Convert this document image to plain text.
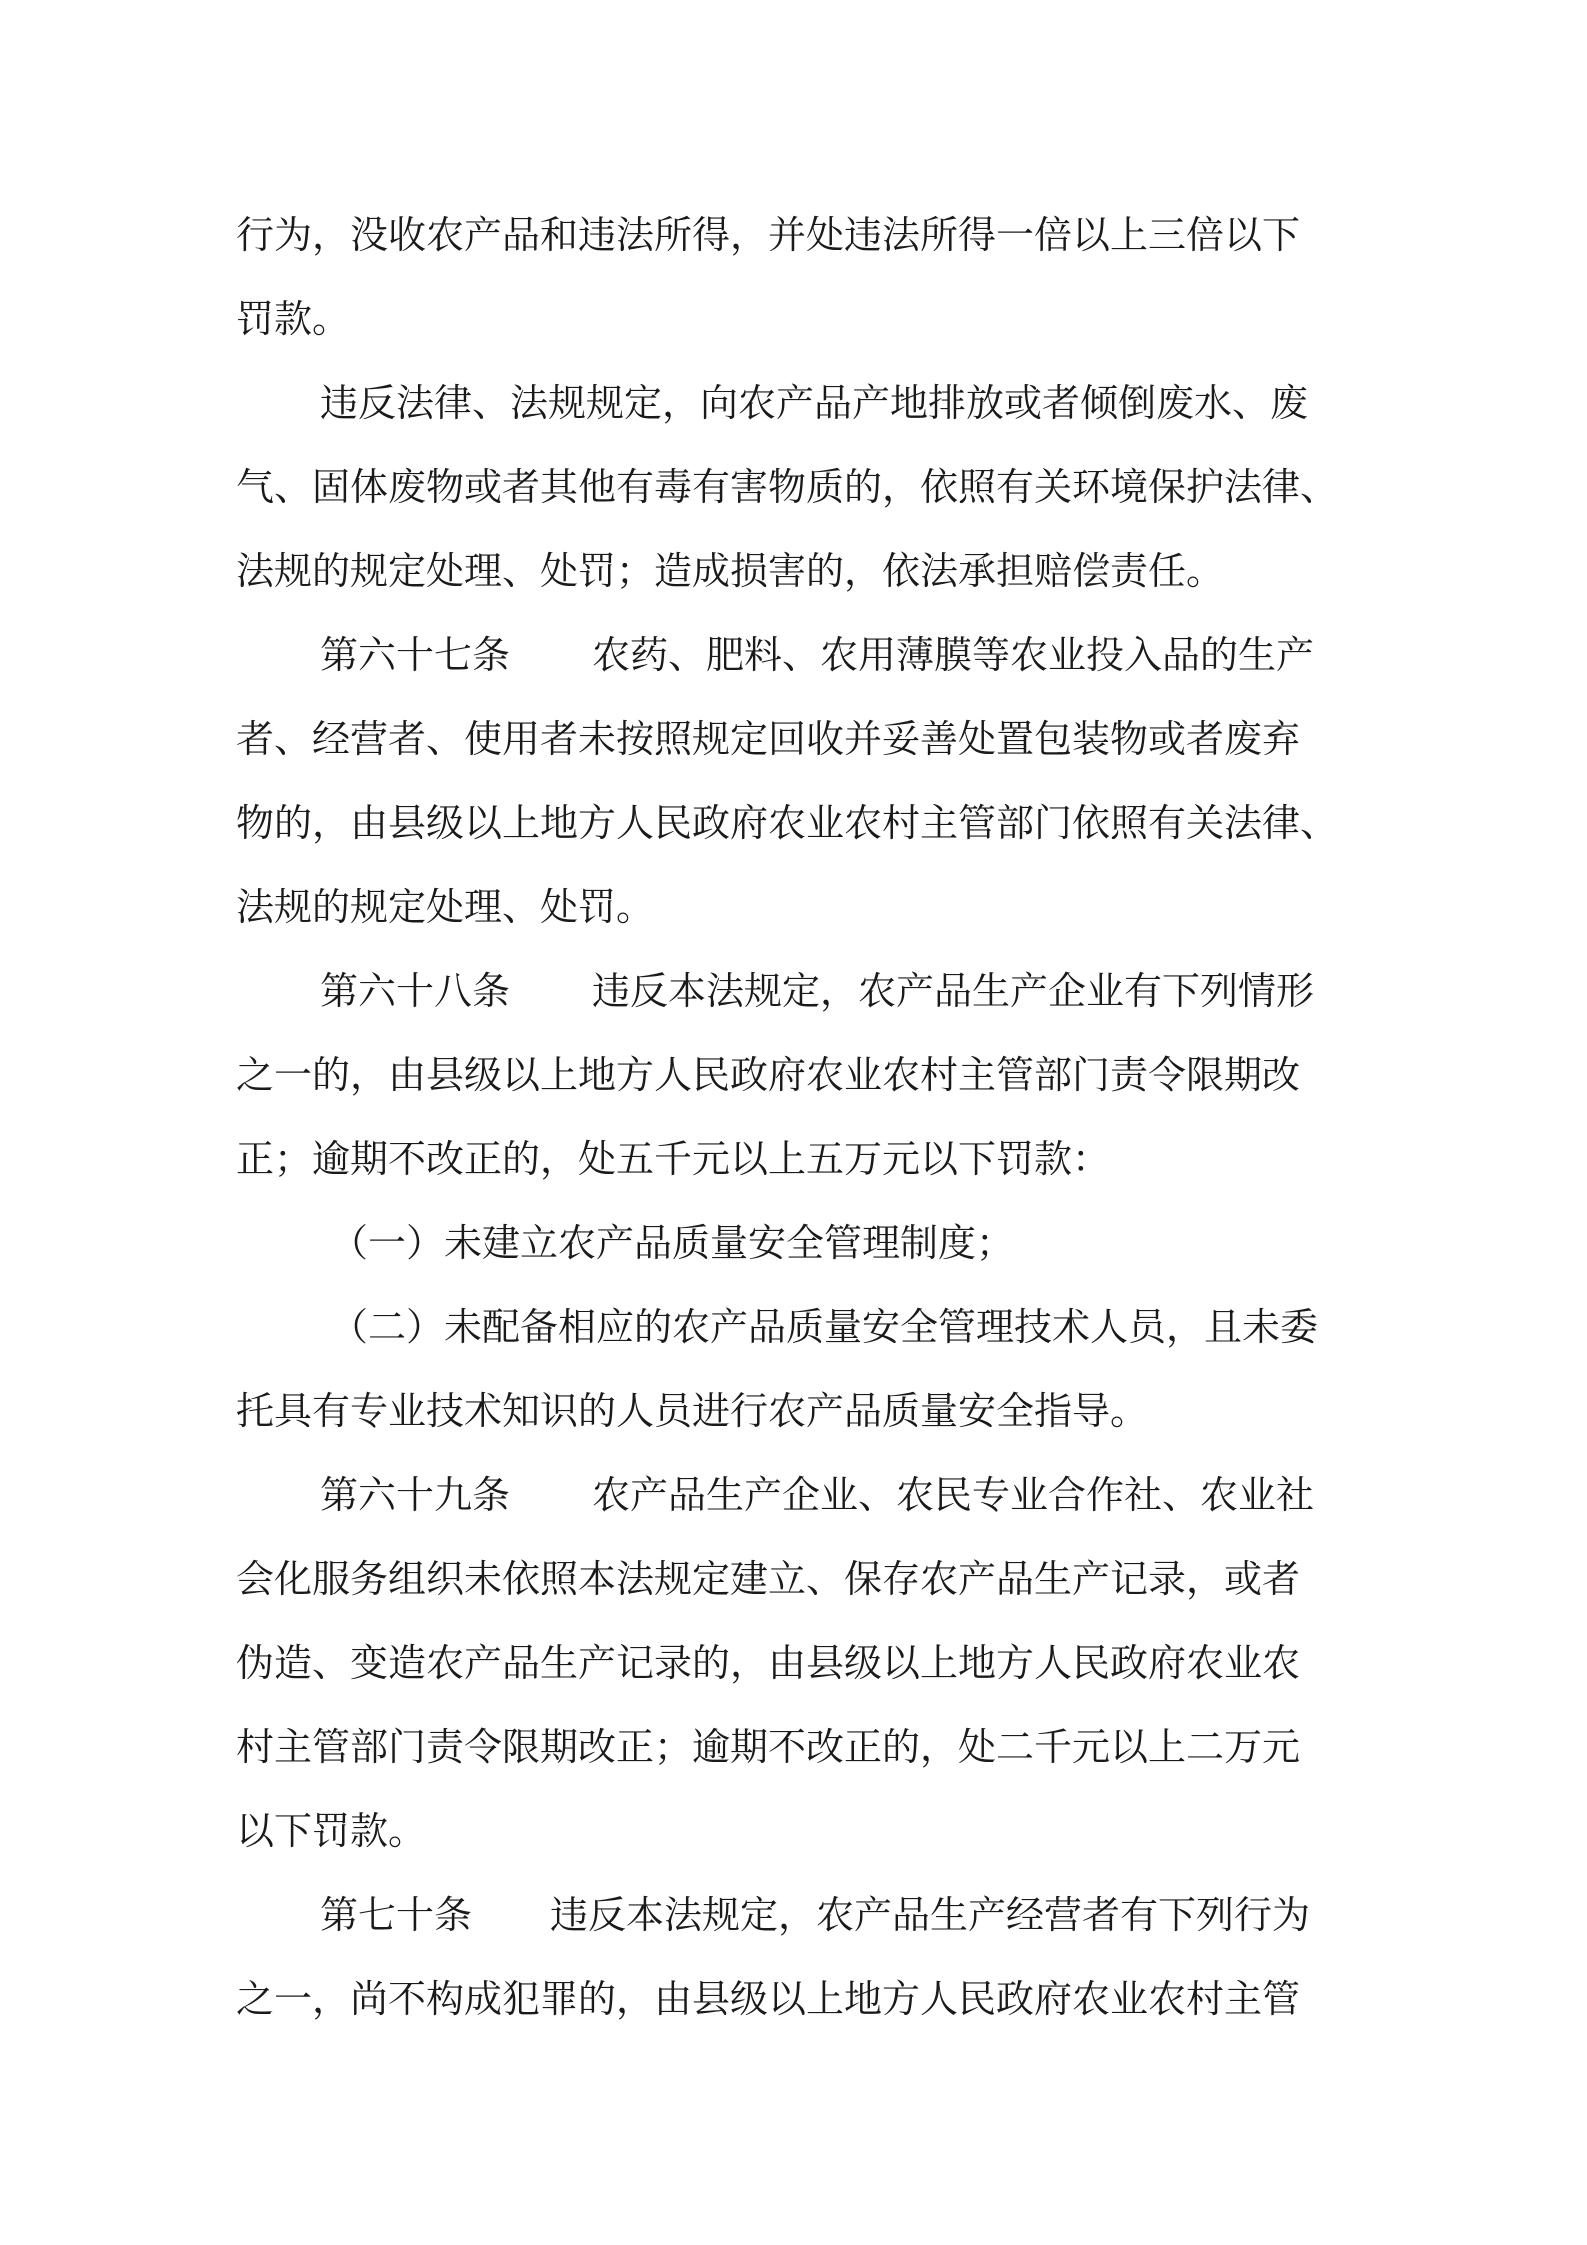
行为，没收农产品和违法所得，并处违法所得一倍以上三倍以下
罚款。
违反法律、法规规定，向农产品产地排放或者倾倒废水、废
气、固体废物或者其他有毒有害物质的，依照有关环境保护法律、
法规的规定处理、处罚；造成损害的，依法承担赔偿责任。
第六十七条 农药、肥料、农用薄膜等农业投入品的生产
者、经营者、使用者未按照规定回收并妥善处置包装物或者废弃
物的，由县级以上地方人民政府农业农村主管部门依照有关法律、
法规的规定处理、处罚。
第六十八条 违反本法规定，农产品生产企业有下列情形
之一的，由县级以上地方人民政府农业农村主管部门责令限期改
正；逾期不改正的，处五千元以上五万元以下罚款：
（一）未建立农产品质量安全管理制度；
（二）未配备相应的农产品质量安全管理技术人员，且未委
托具有专业技术知识的人员进行农产品质量安全指导。
第六十九条 农产品生产企业、农民专业合作社、农业社
会化服务组织未依照本法规定建立、保存农产品生产记录，或者
伪造、变造农产品生产记录的，由县级以上地方人民政府农业农
村主管部门责令限期改正；逾期不改正的，处二千元以上二万元
以下罚款。
第七十条 违反本法规定，农产品生产经营者有下列行为
之一，尚不构成犯罪的，由县级以上地方人民政府农业农村主管
